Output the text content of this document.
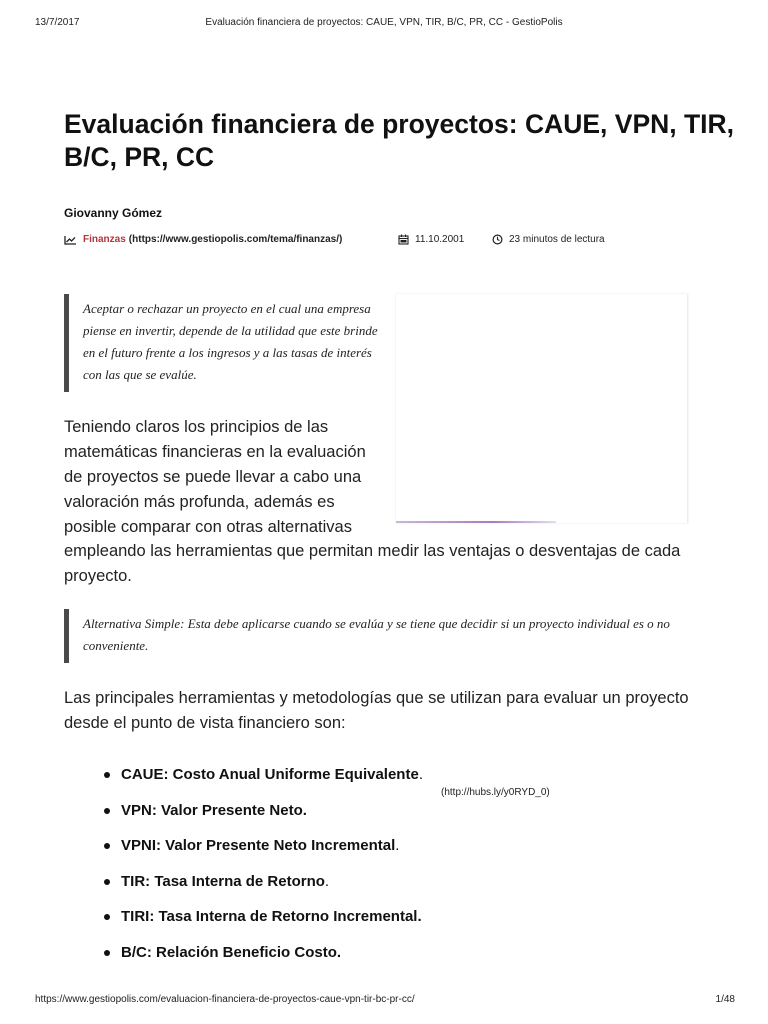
13/7/2017	Evaluación financiera de proyectos: CAUE, VPN, TIR, B/C, PR, CC - GestioPolis
Evaluación financiera de proyectos: CAUE, VPN, TIR, B/C, PR, CC
Giovanny Gómez
Finanzas (https://www.gestiopolis.com/tema/finanzas/)	11.10.2001	23 minutos de lectura
Aceptar o rechazar un proyecto en el cual una empresa piense en invertir, depende de la utilidad que este brinde en el futuro frente a los ingresos y a las tasas de interés con las que se evalúe.

Teniendo claros los principios de las matemáticas financieras en la evaluación de proyectos se puede llevar a cabo una valoración más profunda, además es posible comparar con otras alternativas

empleando las herramientas que permitan medir las ventajas o desventajas de cada proyecto.

Alternativa Simple: Esta debe aplicarse cuando se evalúa y se tiene que decidir si un proyecto individual es o no conveniente.

Las principales herramientas y metodologías que se utilizan para evaluar un proyecto desde el punto de vista financiero son:

CAUE: Costo Anual Uniforme Equivalente.
VPN: Valor Presente Neto.
VPNI: Valor Presente Neto Incremental.
TIR: Tasa Interna de Retorno.
TIRI: Tasa Interna de Retorno Incremental.
B/C: Relación Beneficio Costo.
(http://hubs.ly/y0RYD_0)
https://www.gestiopolis.com/evaluacion-financiera-de-proyectos-caue-vpn-tir-bc-pr-cc/	1/48
